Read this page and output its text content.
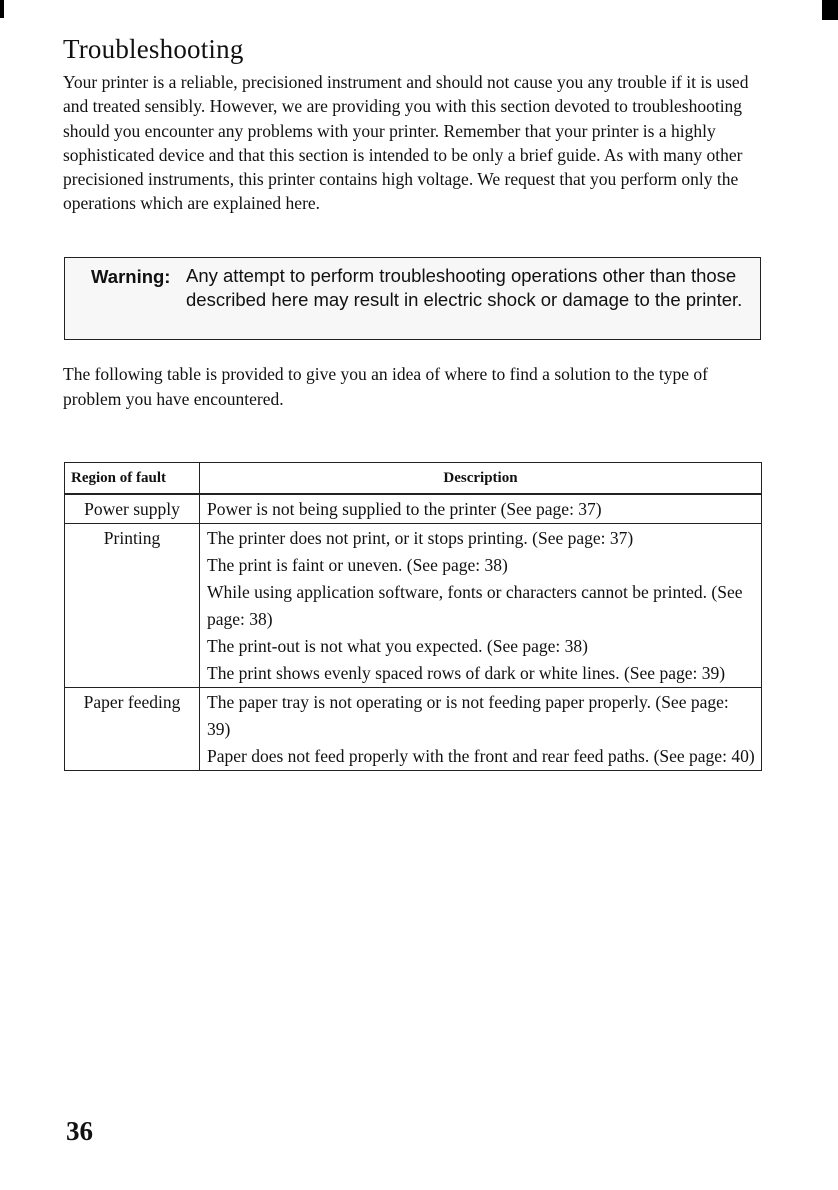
Troubleshooting

Your printer is a reliable, precisioned instrument and should not cause you any trouble if it is used and treated sensibly. However, we are providing you with this section devoted to troubleshooting should you encounter any problems with your printer. Remember that your printer is a highly sophisticated device and that this section is intended to be only a brief guide. As with many other precisioned instruments, this printer contains high voltage. We request that you perform only the operations which are explained here.

Warning: Any attempt to perform troubleshooting operations other than those described here may result in electric shock or damage to the printer.

The following table is provided to give you an idea of where to find a solution to the type of problem you have encountered.

Region of fault	Description
Power supply	Power is not being supplied to the printer (See page: 37)

Printing	The printer does not print, or it stops printing. (See page: 37)
The print is faint or uneven. (See page: 38)
While using application software, fonts or characters cannot be printed. (See page: 38)
The print-out is not what you expected. (See page: 38)
The print shows evenly spaced rows of dark or white lines. (See page: 39)

Paper feeding	The paper tray is not operating or is not feeding paper properly. (See page: 39)
Paper does not feed properly with the front and rear feed paths. (See page: 40)
36
